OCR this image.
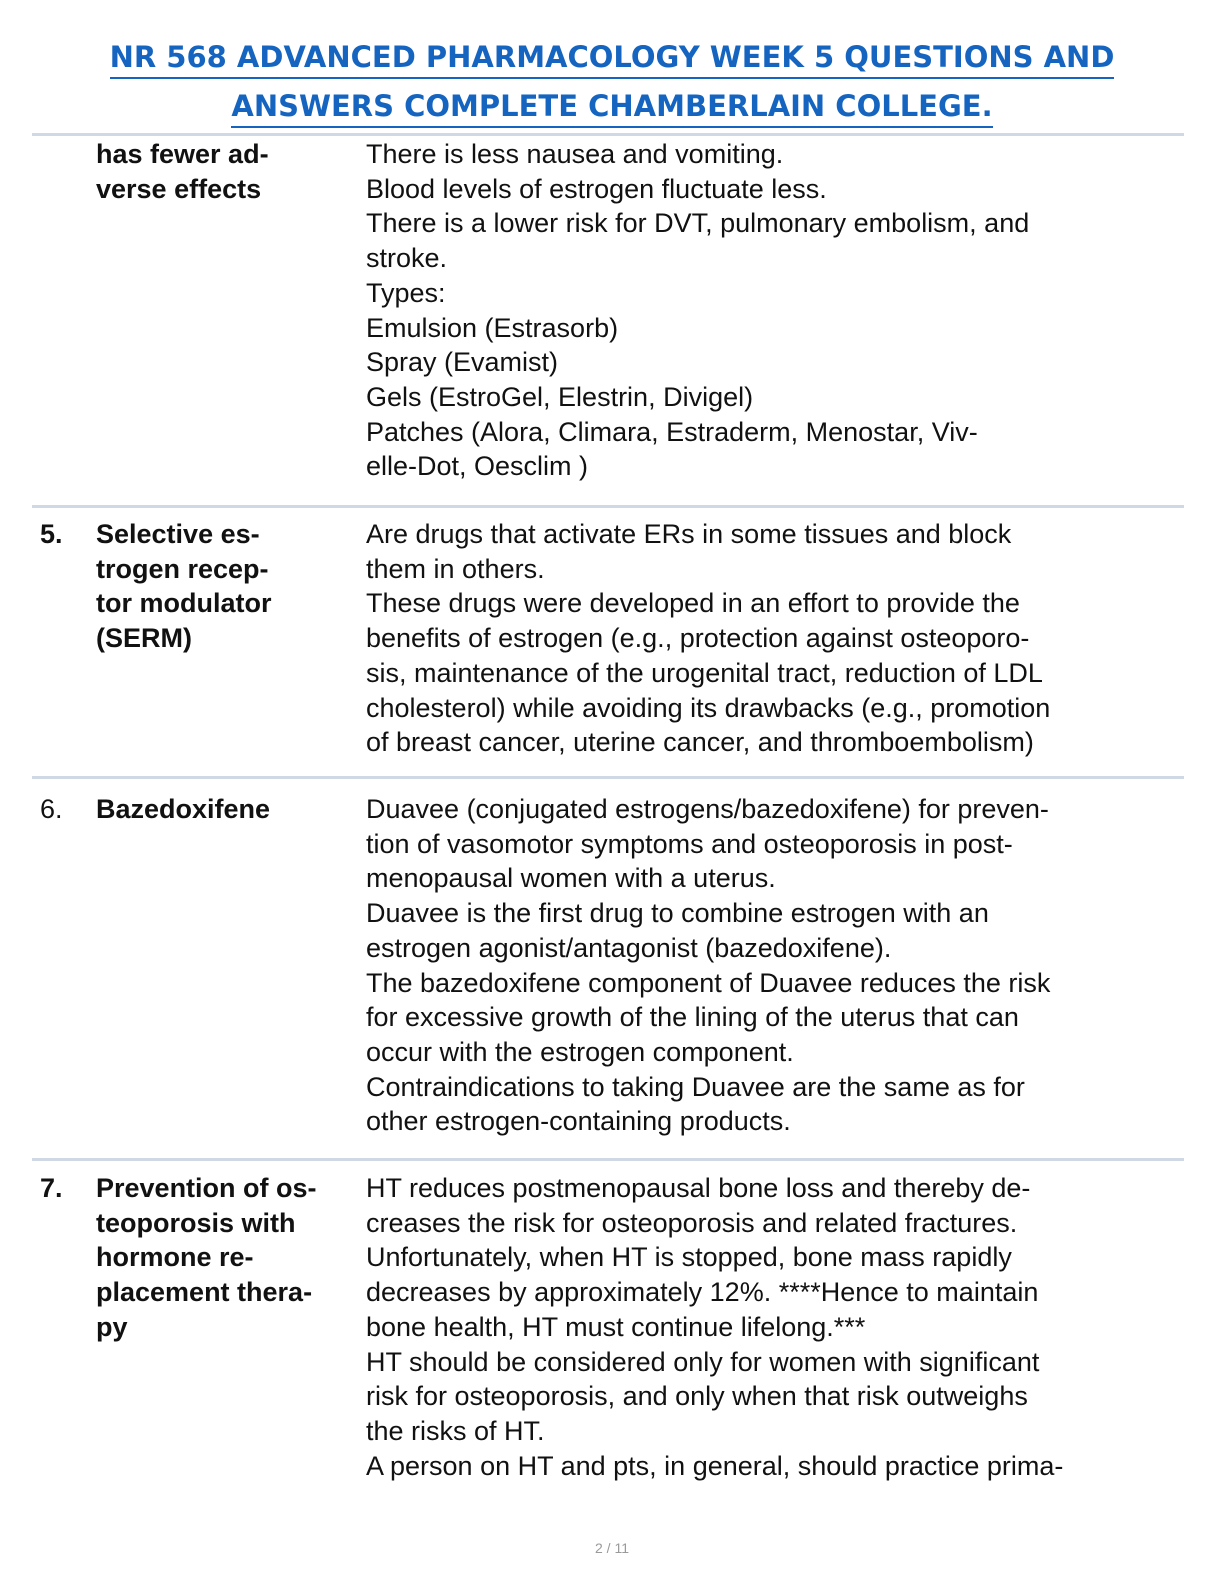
NR 568 ADVANCED PHARMACOLOGY WEEK 5 QUESTIONS AND
ANSWERS COMPLETE CHAMBERLAIN COLLEGE.
has fewer ad-
verse effects
There is less nausea and vomiting.
Blood levels of estrogen fluctuate less.
There is a lower risk for DVT, pulmonary embolism, and
stroke.
Types:
Emulsion (Estrasorb)
Spray (Evamist)
Gels (EstroGel, Elestrin, Divigel)
Patches (Alora, Climara, Estraderm, Menostar, Viv-
elle-Dot, Oesclim )
5. Selective es-
trogen recep-
tor modulator
(SERM)
Are drugs that activate ERs in some tissues and block
them in others.
These drugs were developed in an effort to provide the
benefits of estrogen (e.g., protection against osteoporo-
sis, maintenance of the urogenital tract, reduction of LDL
cholesterol) while avoiding its drawbacks (e.g., promotion
of breast cancer, uterine cancer, and thromboembolism)
6. Bazedoxifene	Duavee (conjugated estrogens/bazedoxifene) for preven-
tion of vasomotor symptoms and osteoporosis in post-
menopausal women with a uterus.
Duavee is the first drug to combine estrogen with an
estrogen agonist/antagonist (bazedoxifene).
The bazedoxifene component of Duavee reduces the risk
for excessive growth of the lining of the uterus that can
occur with the estrogen component.
Contraindications to taking Duavee are the same as for
other estrogen-containing products.
7. Prevention of os-
teoporosis with
hormone re-
placement thera-
py
HT reduces postmenopausal bone loss and thereby de-
creases the risk for osteoporosis and related fractures.
Unfortunately, when HT is stopped, bone mass rapidly
decreases by approximately 12%. ****Hence to maintain
bone health, HT must continue lifelong.***
HT should be considered only for women with significant
risk for osteoporosis, and only when that risk outweighs
the risks of HT.
A person on HT and pts, in general, should practice prima-
2 / 11
